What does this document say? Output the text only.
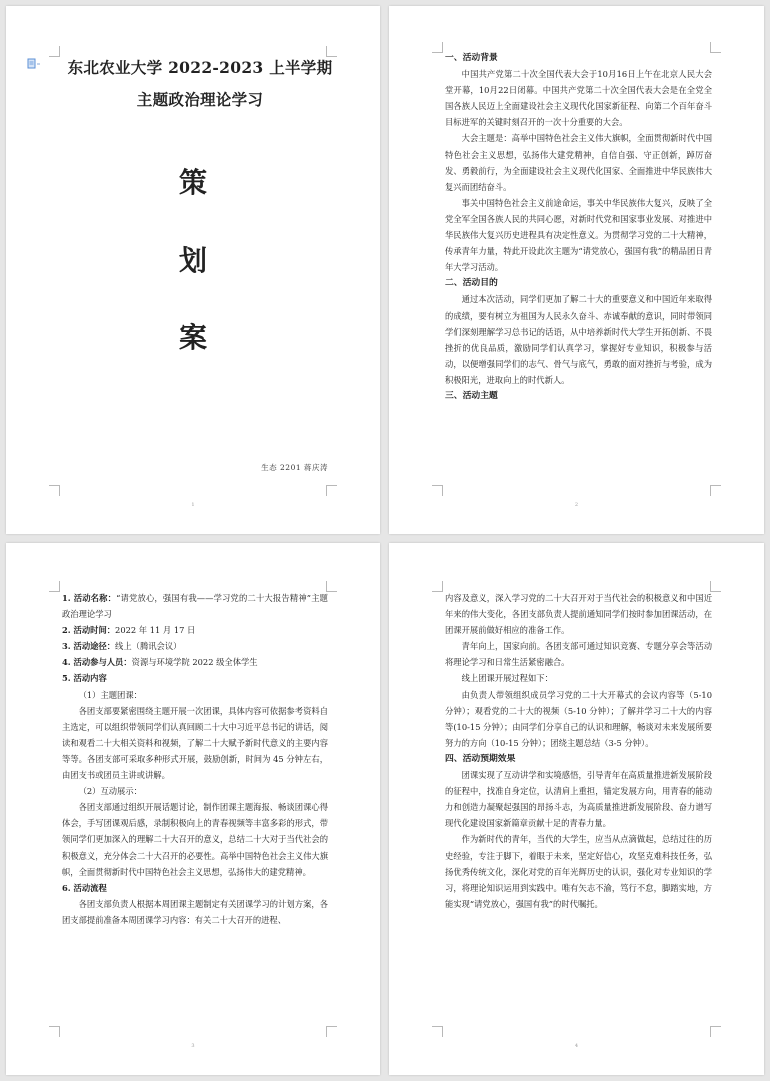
东北农业大学 2022-2023 上半学期
主题政治理论学习
策
划
案
生态 2201 蒋庆涛
1

一、活动背景

中国共产党第二十次全国代表大会于10月16日上午在北京人民大会堂开幕，10月22日闭幕。中国共产党第二十次全国代表大会是在全党全国各族人民迈上全面建设社会主义现代化国家新征程、向第二个百年奋斗目标进军的关键时刻召开的一次十分重要的大会。

大会主题是：高举中国特色社会主义伟大旗帜，全面贯彻新时代中国特色社会主义思想，弘扬伟大建党精神，自信自强、守正创新，踔厉奋发、勇毅前行，为全面建设社会主义现代化国家、全面推进中华民族伟大复兴而团结奋斗。

事关中国特色社会主义前途命运，事关中华民族伟大复兴，反映了全党全军全国各族人民的共同心愿，对新时代党和国家事业发展、对推进中华民族伟大复兴历史进程具有决定性意义。为贯彻学习党的二十大精神，传承青年力量，特此开设此次主题为“请党放心，强国有我”的精品团日青年大学习活动。

二、活动目的

通过本次活动，同学们更加了解二十大的重要意义和中国近年来取得的成绩，要有树立为祖国为人民永久奋斗、赤诚奉献的意识，同时带领同学们深刻理解学习总书记的话语，从中培养新时代大学生开拓创新、不畏挫折的优良品质，激励同学们认真学习，掌握好专业知识，积极参与活动，以便增强同学们的志气、骨气与底气，勇敢的面对挫折与考验，成为积极阳光，进取向上的时代新人。

三、活动主题

2

1. 活动名称：“请党放心，强国有我——学习党的二十大报告精神”主题政治理论学习

2. 活动时间：2022 年 11 月 17 日

3. 活动途径：线上（腾讯会议）

4. 活动参与人员：资源与环境学院 2022 级全体学生

5. 活动内容

（1）主题团课：

各团支部要紧密围绕主题开展一次团课，具体内容可依据参考资料自主选定，可以组织带领同学们认真回顾二十大中习近平总书记的讲话，阅读和观看二十大相关资料和视频，了解二十大赋予新时代意义的主要内容等等。各团支部可采取多种形式开展，鼓励创新，时间为 45 分钟左右，由团支书或团员主讲或讲解。

（2）互动展示：

各团支部通过组织开展话题讨论，制作团课主题海报、畅谈团课心得体会，手写团课观后感，录制积极向上的青春视频等丰富多彩的形式，带领同学们更加深入的理解二十大召开的意义，总结二十大对于当代社会的积极意义，充分体会二十大召开的必要性。高举中国特色社会主义伟大旗帜，全面贯彻新时代中国特色社会主义思想，弘扬伟大的建党精神。

6. 活动流程

各团支部负责人根据本周团课主题制定有关团课学习的计划方案，各团支部提前准备本周团课学习内容：有关二十大召开的进程、

3

内容及意义，深入学习党的二十大召开对于当代社会的积极意义和中国近年来的伟大变化，各团支部负责人提前通知同学们按时参加团课活动，在团课开展前做好相应的准备工作。

青年向上，国家向前。各团支部可通过知识竞赛、专题分享会等活动将理论学习和日常生活紧密融合。

线上团课开展过程如下：

由负责人带领组织成员学习党的二十大开幕式的会议内容等（5-10 分钟）；观看党的二十大的视频（5-10 分钟）；了解并学习二十大的内容等(10-15 分钟）；由同学们分享自己的认识和理解，畅谈对未来发展所要努力的方向（10-15 分钟）；团绕主题总结（3-5 分钟）。

四、活动预期效果

团课实现了互动讲学和实境感悟，引导青年在高质量推进新发展阶段的征程中，找准自身定位，认清肩上重担，锚定发展方向，用青春的能动力和创造力凝聚起强国的昂扬斗志，为高质量推进新发展阶段、奋力谱写现代化建设国家新篇章贡献十足的青春力量。

作为新时代的青年，当代的大学生，应当从点滴做起，总结过往的历史经验，专注于脚下，着眼于未来，坚定好信心，攻坚克难科技任务，弘扬优秀传统文化，深化对党的百年光辉历史的认识，强化对专业知识的学习，将理论知识运用到实践中。唯有矢志不渝，笃行不怠，脚踏实地，方能实现“请党放心，强国有我”的时代嘱托。

4
